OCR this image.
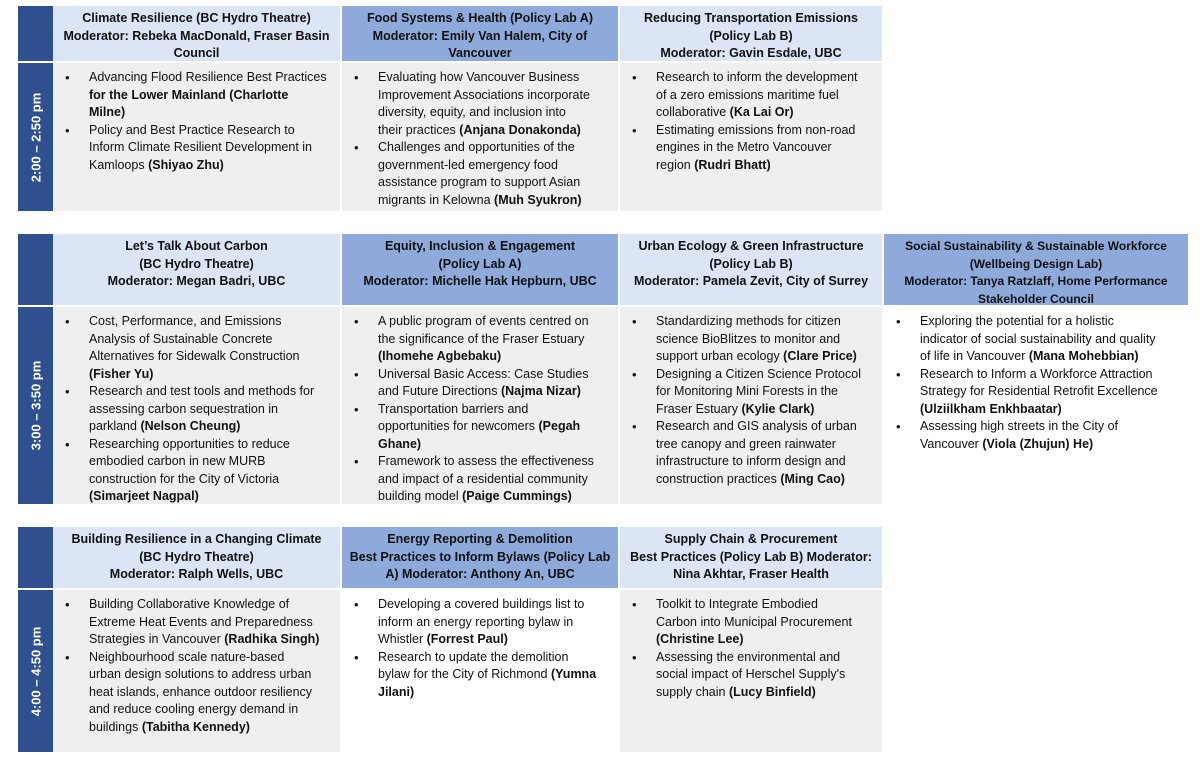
2:00 – 2:50 pm
Climate Resilience (BC Hydro Theatre)
Moderator: Rebeka MacDonald, Fraser Basin
Council
Food Systems & Health (Policy Lab A)
Moderator: Emily Van Halem, City of
Vancouver
Reducing Transportation Emissions
(Policy Lab B)
Moderator: Gavin Esdale, UBC
• Advancing Flood Resilience Best Practices
for the Lower Mainland (Charlotte
Milne)
• Policy and Best Practice Research to
Inform Climate Resilient Development in
Kamloops (Shiyao Zhu)
• Evaluating how Vancouver Business
Improvement Associations incorporate
diversity, equity, and inclusion into
their practices (Anjana Donakonda)
• Challenges and opportunities of the
government-led emergency food
assistance program to support Asian
migrants in Kelowna (Muh Syukron)
• Research to inform the development
of a zero emissions maritime fuel
collaborative (Ka Lai Or)
• Estimating emissions from non-road
engines in the Metro Vancouver
region (Rudri Bhatt)
3:00 – 3:50 pm
Let’s Talk About Carbon
(BC Hydro Theatre)
Moderator: Megan Badri, UBC
Equity, Inclusion & Engagement
(Policy Lab A)
Moderator: Michelle Hak Hepburn, UBC
Urban Ecology & Green Infrastructure
(Policy Lab B)
Moderator: Pamela Zevit, City of Surrey
Social Sustainability & Sustainable Workforce
(Wellbeing Design Lab)
Moderator: Tanya Ratzlaff, Home Performance
Stakeholder Council
• Cost, Performance, and Emissions
Analysis of Sustainable Concrete
Alternatives for Sidewalk Construction
(Fisher Yu)
• Research and test tools and methods for
assessing carbon sequestration in
parkland (Nelson Cheung)
• Researching opportunities to reduce
embodied carbon in new MURB
construction for the City of Victoria
(Simarjeet Nagpal)
• A public program of events centred on
the significance of the Fraser Estuary
(Ihomehe Agbebaku)
• Universal Basic Access: Case Studies
and Future Directions (Najma Nizar)
• Transportation barriers and
opportunities for newcomers (Pegah
Ghane)
• Framework to assess the effectiveness
and impact of a residential community
building model (Paige Cummings)
• Standardizing methods for citizen
science BioBlitzes to monitor and
support urban ecology (Clare Price)
• Designing a Citizen Science Protocol
for Monitoring Mini Forests in the
Fraser Estuary (Kylie Clark)
• Research and GIS analysis of urban
tree canopy and green rainwater
infrastructure to inform design and
construction practices (Ming Cao)
• Exploring the potential for a holistic
indicator of social sustainability and quality
of life in Vancouver (Mana Mohebbian)
• Research to Inform a Workforce Attraction
Strategy for Residential Retrofit Excellence
(Ulziilkham Enkhbaatar)
• Assessing high streets in the City of
Vancouver (Viola (Zhujun) He)
4:00 – 4:50 pm
Building Resilience in a Changing Climate
(BC Hydro Theatre)
Moderator: Ralph Wells, UBC
Energy Reporting & Demolition
Best Practices to Inform Bylaws (Policy Lab
A) Moderator: Anthony An, UBC
Supply Chain & Procurement
Best Practices (Policy Lab B) Moderator:
Nina Akhtar, Fraser Health
• Building Collaborative Knowledge of
Extreme Heat Events and Preparedness
Strategies in Vancouver (Radhika Singh)
• Neighbourhood scale nature-based
urban design solutions to address urban
heat islands, enhance outdoor resiliency
and reduce cooling energy demand in
buildings (Tabitha Kennedy)
• Developing a covered buildings list to
inform an energy reporting bylaw in
Whistler (Forrest Paul)
• Research to update the demolition
bylaw for the City of Richmond (Yumna
Jilani)
• Toolkit to Integrate Embodied
Carbon into Municipal Procurement
(Christine Lee)
• Assessing the environmental and
social impact of Herschel Supply's
supply chain (Lucy Binfield)
